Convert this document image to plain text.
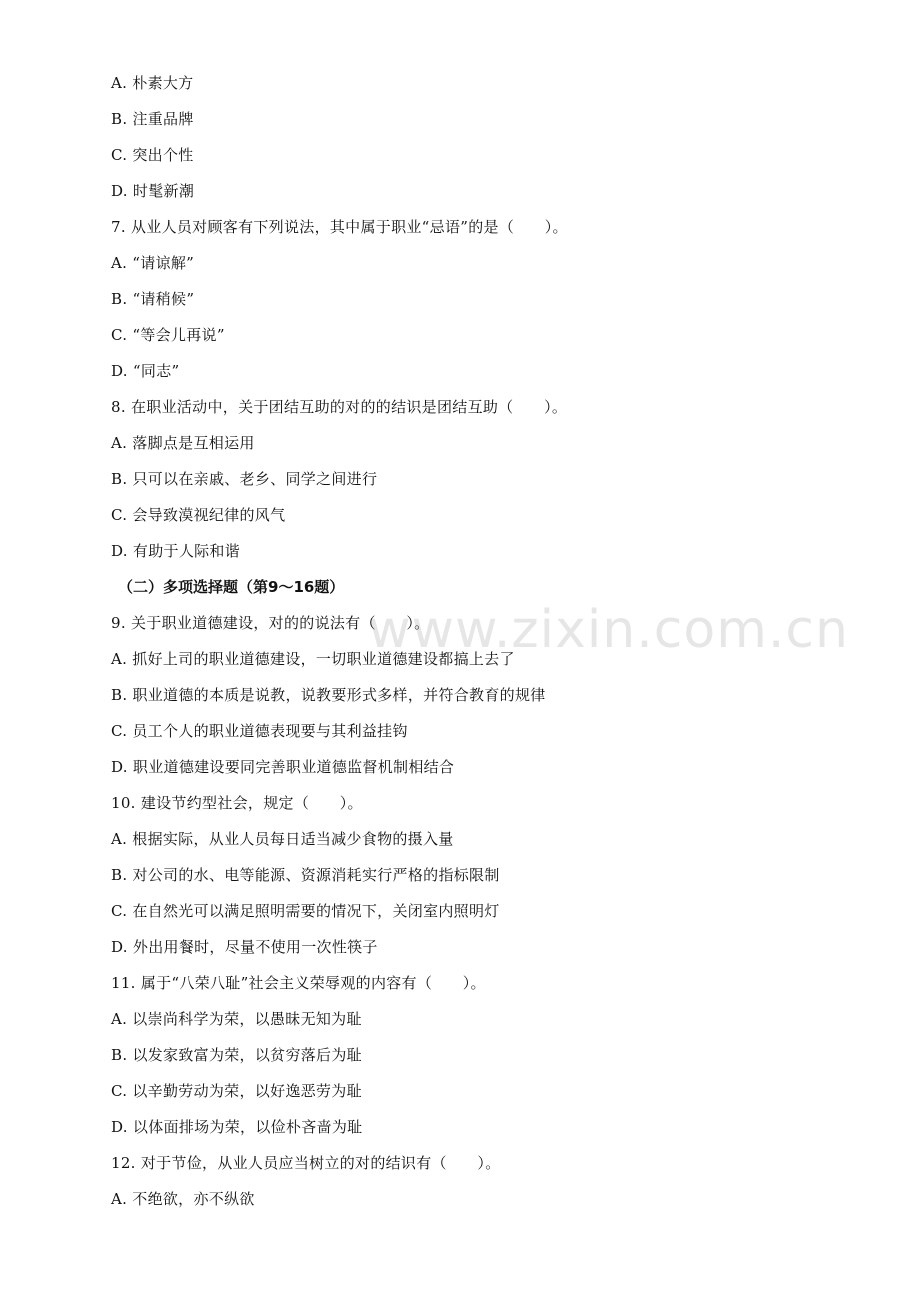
www.zixin.com.cn
A. 朴素大方
B. 注重品牌
C. 突出个性
D. 时髦新潮
7. 从业人员对顾客有下列说法，其中属于职业“忌语”的是（　　）。
A. “请谅解”
B. “请稍候”
C. “等会儿再说”
D. “同志”
8. 在职业活动中，关于团结互助的对的的结识是团结互助（　　）。
A. 落脚点是互相运用
B. 只可以在亲戚、老乡、同学之间进行
C. 会导致漠视纪律的风气
D. 有助于人际和谐
（二）多项选择题（第9～16题）
9. 关于职业道德建设，对的的说法有（　　）。
A. 抓好上司的职业道德建设，一切职业道德建设都搞上去了
B. 职业道德的本质是说教，说教要形式多样，并符合教育的规律
C. 员工个人的职业道德表现要与其利益挂钩
D. 职业道德建设要同完善职业道德监督机制相结合
10. 建设节约型社会，规定（　　）。
A. 根据实际，从业人员每日适当减少食物的摄入量
B. 对公司的水、电等能源、资源消耗实行严格的指标限制
C. 在自然光可以满足照明需要的情况下，关闭室内照明灯
D. 外出用餐时，尽量不使用一次性筷子
11. 属于“八荣八耻”社会主义荣辱观的内容有（　　）。
A. 以崇尚科学为荣，以愚昧无知为耻
B. 以发家致富为荣，以贫穷落后为耻
C. 以辛勤劳动为荣，以好逸恶劳为耻
D. 以体面排场为荣，以俭朴吝啬为耻
12. 对于节俭，从业人员应当树立的对的结识有（　　）。
A. 不绝欲，亦不纵欲
